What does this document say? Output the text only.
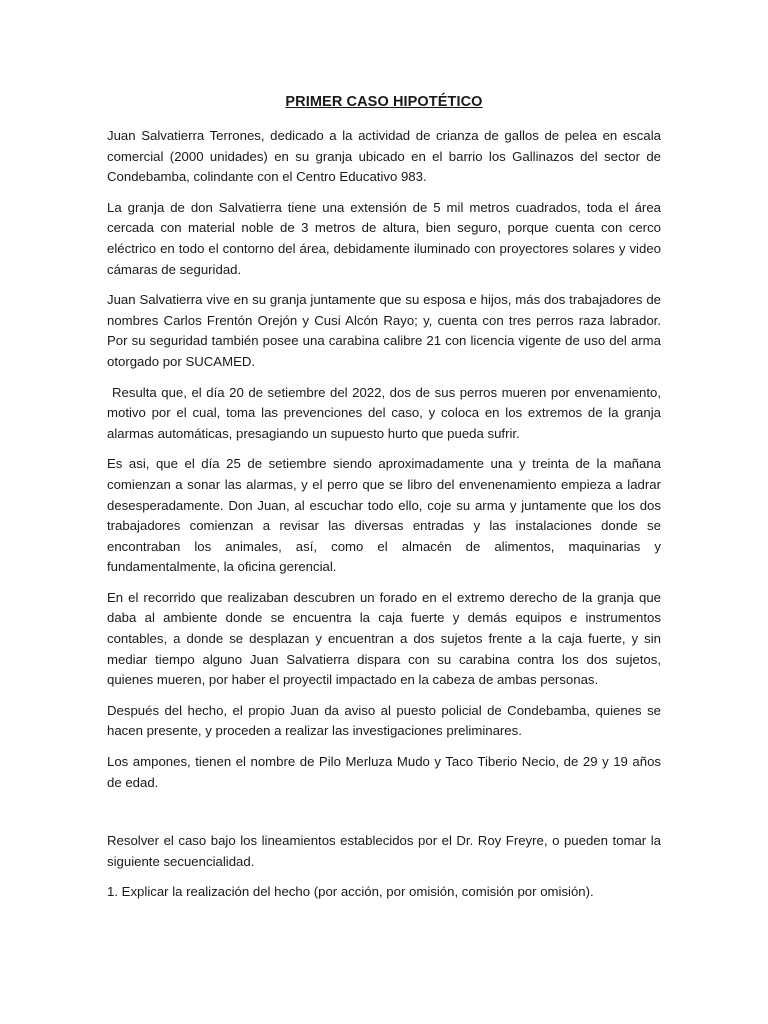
PRIMER CASO HIPOTÉTICO

Juan Salvatierra Terrones, dedicado a la actividad de crianza de gallos de pelea en escala comercial (2000 unidades) en su granja ubicado en el barrio los Gallinazos del sector de Condebamba, colindante con el Centro Educativo 983.

La granja de don Salvatierra tiene una extensión de 5 mil metros cuadrados, toda el área cercada con material noble de 3 metros de altura, bien seguro, porque cuenta con cerco eléctrico en todo el contorno del área, debidamente iluminado con proyectores solares y video cámaras de seguridad.

Juan Salvatierra vive en su granja juntamente que su esposa e hijos, más dos trabajadores de nombres Carlos Frentón Orejón y Cusi Alcón Rayo; y, cuenta con tres perros raza labrador. Por su seguridad también posee una carabina calibre 21 con licencia vigente de uso del arma otorgado por SUCAMED.

Resulta que, el día 20 de setiembre del 2022, dos de sus perros mueren por envenamiento, motivo por el cual, toma las prevenciones del caso, y coloca en los extremos de la granja alarmas automáticas, presagiando un supuesto hurto que pueda sufrir.

Es asi, que el día 25 de setiembre siendo aproximadamente una y treinta de la mañana comienzan a sonar las alarmas, y el perro que se libro del envenenamiento empieza a ladrar desesperadamente. Don Juan, al escuchar todo ello, coje su arma y juntamente que los dos trabajadores comienzan a revisar las diversas entradas y las instalaciones donde se encontraban los animales, así, como el almacén de alimentos, maquinarias y fundamentalmente, la oficina gerencial.

En el recorrido que realizaban descubren un forado en el extremo derecho de la granja que daba al ambiente donde se encuentra la caja fuerte y demás equipos e instrumentos contables, a donde se desplazan y encuentran a dos sujetos frente a la caja fuerte, y sin mediar tiempo alguno Juan Salvatierra dispara con su carabina contra los dos sujetos, quienes mueren, por haber el proyectil impactado en la cabeza de ambas personas.

Después del hecho, el propio Juan da aviso al puesto policial de Condebamba, quienes se hacen presente, y proceden a realizar las investigaciones preliminares.

Los ampones, tienen el nombre de Pilo Merluza Mudo y Taco Tiberio Necio, de 29 y 19 años de edad.

Resolver el caso bajo los lineamientos establecidos por el Dr. Roy Freyre, o pueden tomar la siguiente secuencialidad.

1. Explicar la realización del hecho (por acción, por omisión, comisión por omisión).
